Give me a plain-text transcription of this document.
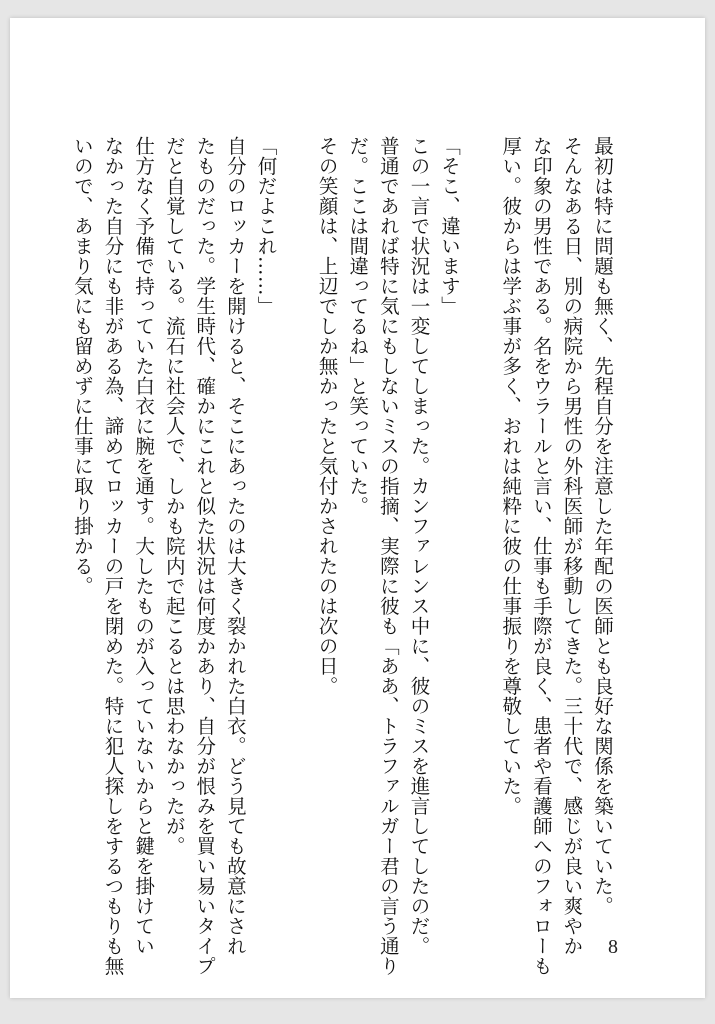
最初は特に問題も無く、先程自分を注意した年配の医師とも良好な関係を築いていた。

そんなある日、別の病院から男性の外科医師が移動してきた。三十代で、感じが良い爽やか

な印象の男性である。名をウラールと言い、仕事も手際が良く、患者や看護師へのフォローも

厚い。彼からは学ぶ事が多く、おれは純粋に彼の仕事振りを尊敬していた。

「そこ、違います」

この一言で状況は一変してしまった。カンファレンス中に、彼のミスを進言してしたのだ。

普通であれば特に気にもしないミスの指摘、実際に彼も「ああ、トラファルガー君の言う通り

だ。ここは間違ってるね」と笑っていた。

その笑顔は、上辺でしか無かったと気付かされたのは次の日。

「何だよこれ……」

自分のロッカーを開けると、そこにあったのは大きく裂かれた白衣。どう見ても故意にされ

たものだった。学生時代、確かにこれと似た状況は何度かあり、自分が恨みを買い易いタイプ

だと自覚している。流石に社会人で、しかも院内で起こるとは思わなかったが。

仕方なく予備で持っていた白衣に腕を通す。大したものが入っていないからと鍵を掛けてい

なかった自分にも非がある為、諦めてロッカーの戸を閉めた。特に犯人探しをするつもりも無

いので、あまり気にも留めずに仕事に取り掛かる。

8
